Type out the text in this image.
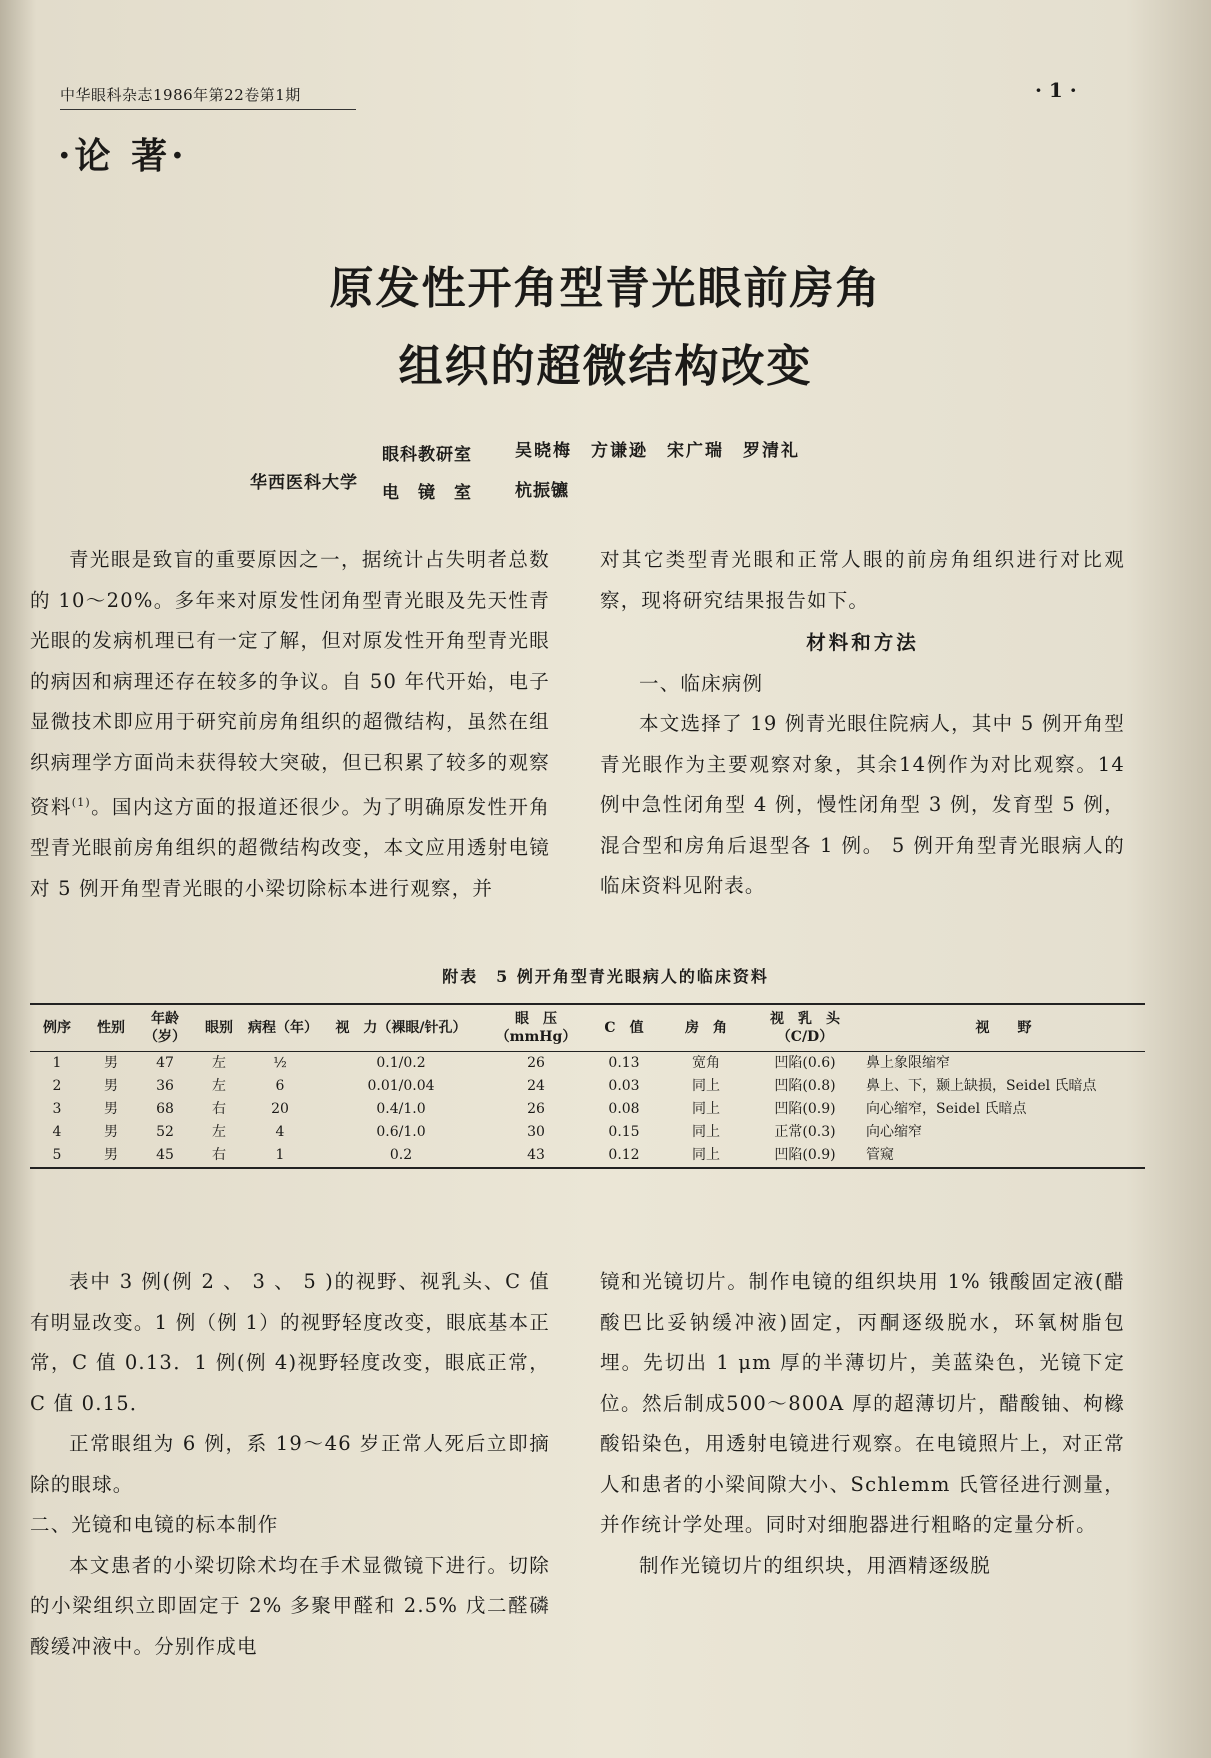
中华眼科杂志1986年第22卷第1期	· 1 ·
·论 著·
原发性开角型青光眼前房角
组织的超微结构改变
华西医科大学
眼科教研室	吴晓梅　方谦逊　宋广瑞　罗清礼
电　镜　室	杭振镳

青光眼是致盲的重要原因之一，据统计占失明者总数的 10～20%。多年来对原发性闭角型青光眼及先天性青光眼的发病机理已有一定了解，但对原发性开角型青光眼的病因和病理还存在较多的争议。自 50 年代开始，电子显微技术即应用于研究前房角组织的超微结构，虽然在组织病理学方面尚未获得较大突破，但已积累了较多的观察资料$^{(1)}$。国内这方面的报道还很少。为了明确原发性开角型青光眼前房角组织的超微结构改变，本文应用透射电镜对 5 例开角型青光眼的小梁切除标本进行观察，并

对其它类型青光眼和正常人眼的前房角组织进行对比观察，现将研究结果报告如下。

材料和方法

一、临床病例

本文选择了 19 例青光眼住院病人，其中 5 例开角型青光眼作为主要观察对象，其余14例作为对比观察。14例中急性闭角型 4 例，慢性闭角型 3 例，发育型 5 例，混合型和房角后退型各 1 例。 5 例开角型青光眼病人的临床资料见附表。

附表　5 例开角型青光眼病人的临床资料
例序	性别	年龄（岁）	眼别	病程（年）	视　力（裸眼/针孔）	眼　压（mmHg）	C　值	房　角	视　乳　头（C/D）	视　　野
1	男	47	左	½	0.1/0.2	26	0.13	宽角	凹陷(0.6)	鼻上象限缩窄
2	男	36	左	6	0.01/0.04	24	0.03	同上	凹陷(0.8)	鼻上、下，颞上缺损，Seidel 氏暗点
3	男	68	右	20	0.4/1.0	26	0.08	同上	凹陷(0.9)	向心缩窄，Seidel 氏暗点
4	男	52	左	4	0.6/1.0	30	0.15	同上	正常(0.3)	向心缩窄
5	男	45	右	1	0.2	43	0.12	同上	凹陷(0.9)	管窥

表中 3 例(例 2 、 3 、 5 )的视野、视乳头、C 值有明显改变。1 例（例 1）的视野轻度改变，眼底基本正常，C 值 0.13．1 例(例 4)视野轻度改变，眼底正常，C 值 0.15．

正常眼组为 6 例，系 19～46 岁正常人死后立即摘除的眼球。

二、光镜和电镜的标本制作

本文患者的小梁切除术均在手术显微镜下进行。切除的小梁组织立即固定于 2% 多聚甲醛和 2.5% 戊二醛磷酸缓冲液中。分别作成电

镜和光镜切片。制作电镜的组织块用 1% 锇酸固定液(醋酸巴比妥钠缓冲液)固定，丙酮逐级脱水，环氧树脂包埋。先切出 1 μm 厚的半薄切片，美蓝染色，光镜下定位。然后制成500～800A 厚的超薄切片，醋酸铀、枸橼酸铅染色，用透射电镜进行观察。在电镜照片上，对正常人和患者的小梁间隙大小、Schlemm 氏管径进行测量，并作统计学处理。同时对细胞器进行粗略的定量分析。

制作光镜切片的组织块，用酒精逐级脱
